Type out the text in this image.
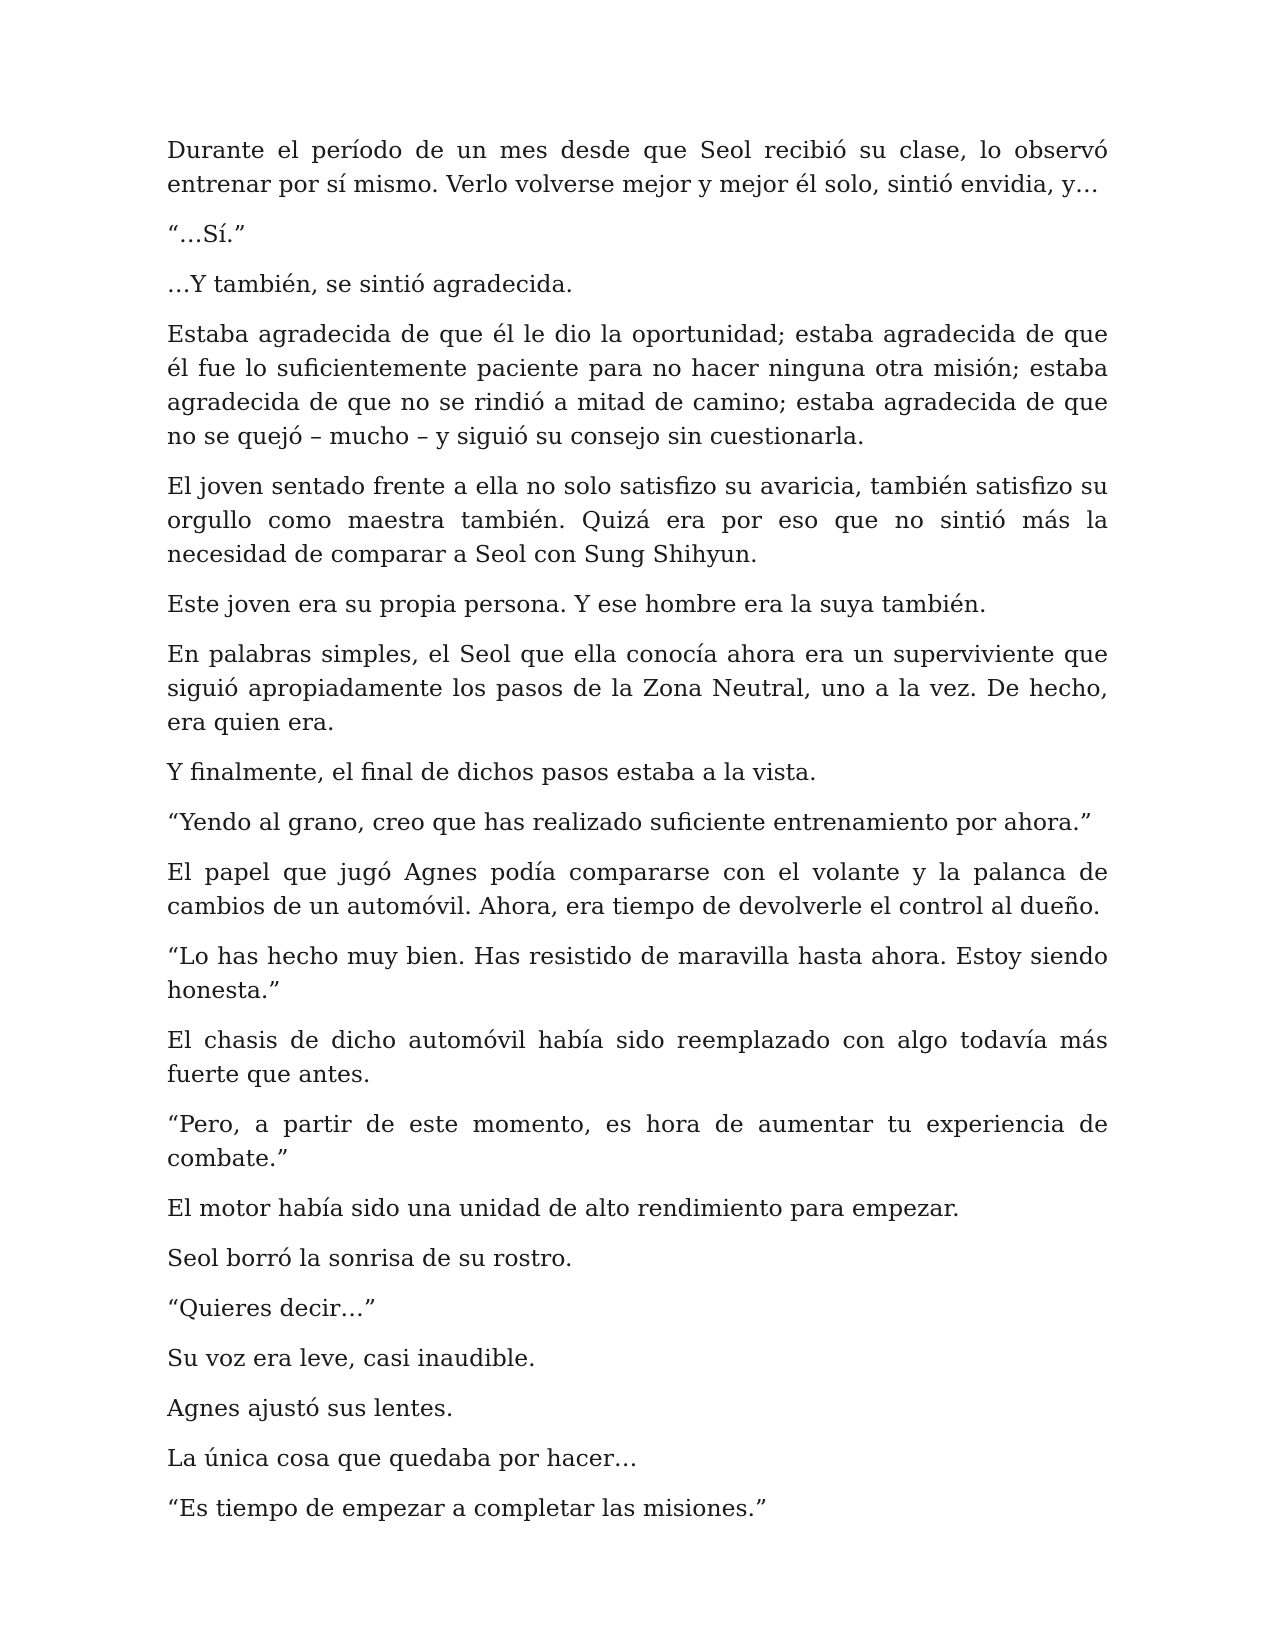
Durante el período de un mes desde que Seol recibió su clase, lo observó entrenar por sí mismo. Verlo volverse mejor y mejor él solo, sintió envidia, y…

“…Sí.”

…Y también, se sintió agradecida.

Estaba agradecida de que él le dio la oportunidad; estaba agradecida de que él fue lo suficientemente paciente para no hacer ninguna otra misión; estaba agradecida de que no se rindió a mitad de camino; estaba agradecida de que no se quejó – mucho – y siguió su consejo sin cuestionarla.

El joven sentado frente a ella no solo satisfizo su avaricia, también satisfizo su orgullo como maestra también. Quizá era por eso que no sintió más la necesidad de comparar a Seol con Sung Shihyun.

Este joven era su propia persona. Y ese hombre era la suya también.

En palabras simples, el Seol que ella conocía ahora era un superviviente que siguió apropiadamente los pasos de la Zona Neutral, uno a la vez. De hecho, era quien era.

Y finalmente, el final de dichos pasos estaba a la vista.

“Yendo al grano, creo que has realizado suficiente entrenamiento por ahora.”

El papel que jugó Agnes podía compararse con el volante y la palanca de cambios de un automóvil. Ahora, era tiempo de devolverle el control al dueño.

“Lo has hecho muy bien. Has resistido de maravilla hasta ahora. Estoy siendo honesta.”

El chasis de dicho automóvil había sido reemplazado con algo todavía más fuerte que antes.

“Pero, a partir de este momento, es hora de aumentar tu experiencia de combate.”

El motor había sido una unidad de alto rendimiento para empezar.

Seol borró la sonrisa de su rostro.

“Quieres decir…”

Su voz era leve, casi inaudible.

Agnes ajustó sus lentes.

La única cosa que quedaba por hacer…

“Es tiempo de empezar a completar las misiones.”
